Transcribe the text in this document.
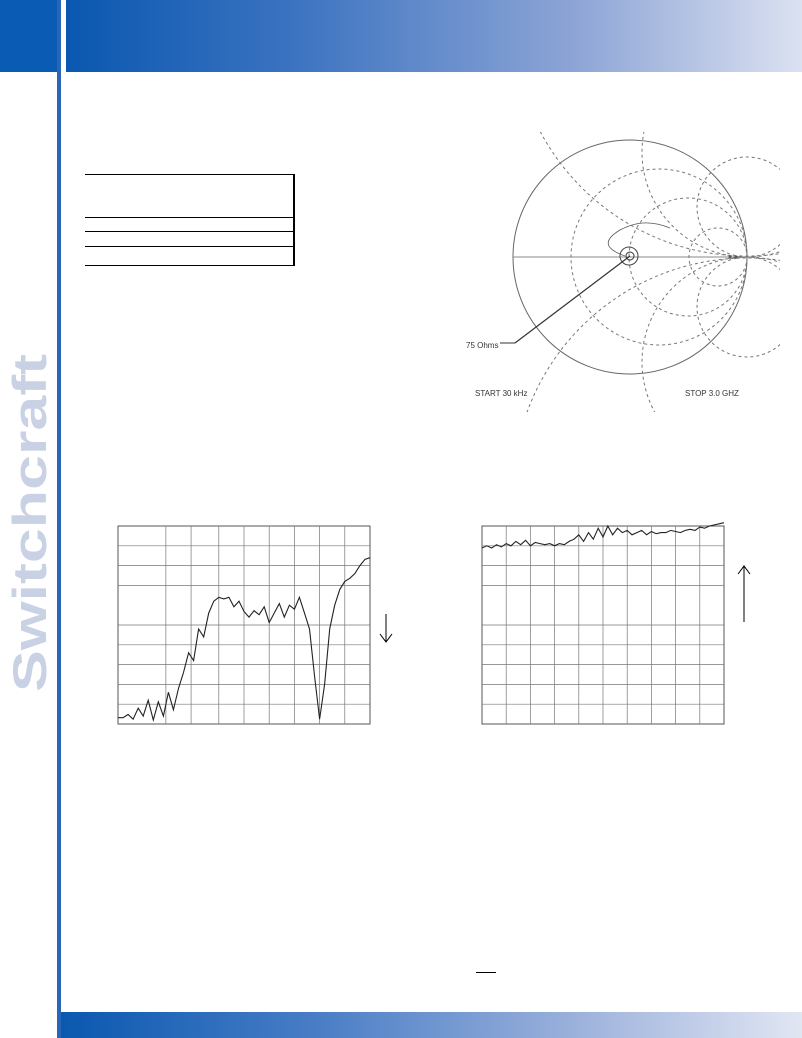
Switchcraft
75 Ohms
START 30 kHz	STOP 3.0 GHZ
